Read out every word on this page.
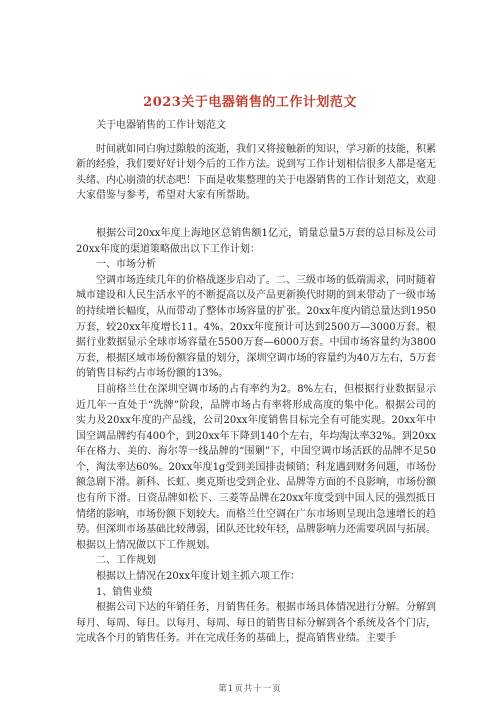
2023关于电器销售的工作计划范文

关于电器销售的工作计划范文

时间就如同白驹过隙般的流逝，我们又将接触新的知识，学习新的技能，积累新的经验，我们要好好计划今后的工作方法。说到写工作计划相信很多人都是毫无头绪、内心崩溃的状态吧！下面是收集整理的关于电器销售的工作计划范文，欢迎大家借鉴与参考，希望对大家有所帮助。

根据公司20xx年度上海地区总销售额1亿元，销量总量5万套的总目标及公司20xx年度的渠道策略做出以下工作计划：

一、市场分析

空调市场连续几年的价格战逐步启动了。二、三级市场的低端需求，同时随着城市建设和人民生活水平的不断提高以及产品更新换代时期的到来带动了一级市场的持续增长幅度，从而带动了整体市场容量的扩张。20xx年度内销总量达到1950万套，较20xx年度增长11。4%。20xx年度预计可达到2500万—3000万套。根据行业数据显示全球市场容量在5500万套—6000万套。中国市场容量约为3800万套，根据区域市场份额容量的划分，深圳空调市场的容量约为40万左右，5万套的销售目标约占市场份额的13%。

目前格兰仕在深圳空调市场的占有率约为2。8%左右，但根据行业数据显示近几年一直处于“洗牌”阶段，品牌市场占有率将形成高度的集中化。根据公司的实力及20xx年度的产品线，公司20xx年度销售目标完全有可能实现。20xx年中国空调品牌约有400个，到20xx年下降到140个左右，年均淘汰率32%。到20xx年在格力、美的、海尔等一线品牌的“围剿”下，中国空调市场活跃的品牌不足50个，淘汰率达60%。20xx年度1g受到美国排责倾销；科龙遇到财务问题，市场份额急剧下滑。新科、长虹、奥克斯也受到企业、品牌等方面的不良影响，市场份额也有所下滑。日资品牌如松下、三菱等品牌在20xx年度受到中国人民的强烈抵日情绪的影响，市场份额下划较大。而格兰仕空调在广东市场则呈现出急速增长的趋势。但深圳市场基础比较薄弱，团队还比较年轻，品牌影响力还需要巩固与拓展。根据以上情况做以下工作规划。

二、工作规划

根据以上情况在20xx年度计划主抓六项工作：

1、销售业绩

根据公司下达的年销任务，月销售任务。根据市场具体情况进行分解。分解到每月、每周、每日。以每月、每周、每日的销售目标分解到各个系统及各个门店，完成各个月的销售任务。并在完成任务的基础上，提高销售业绩。主要手

第1页共十一页
